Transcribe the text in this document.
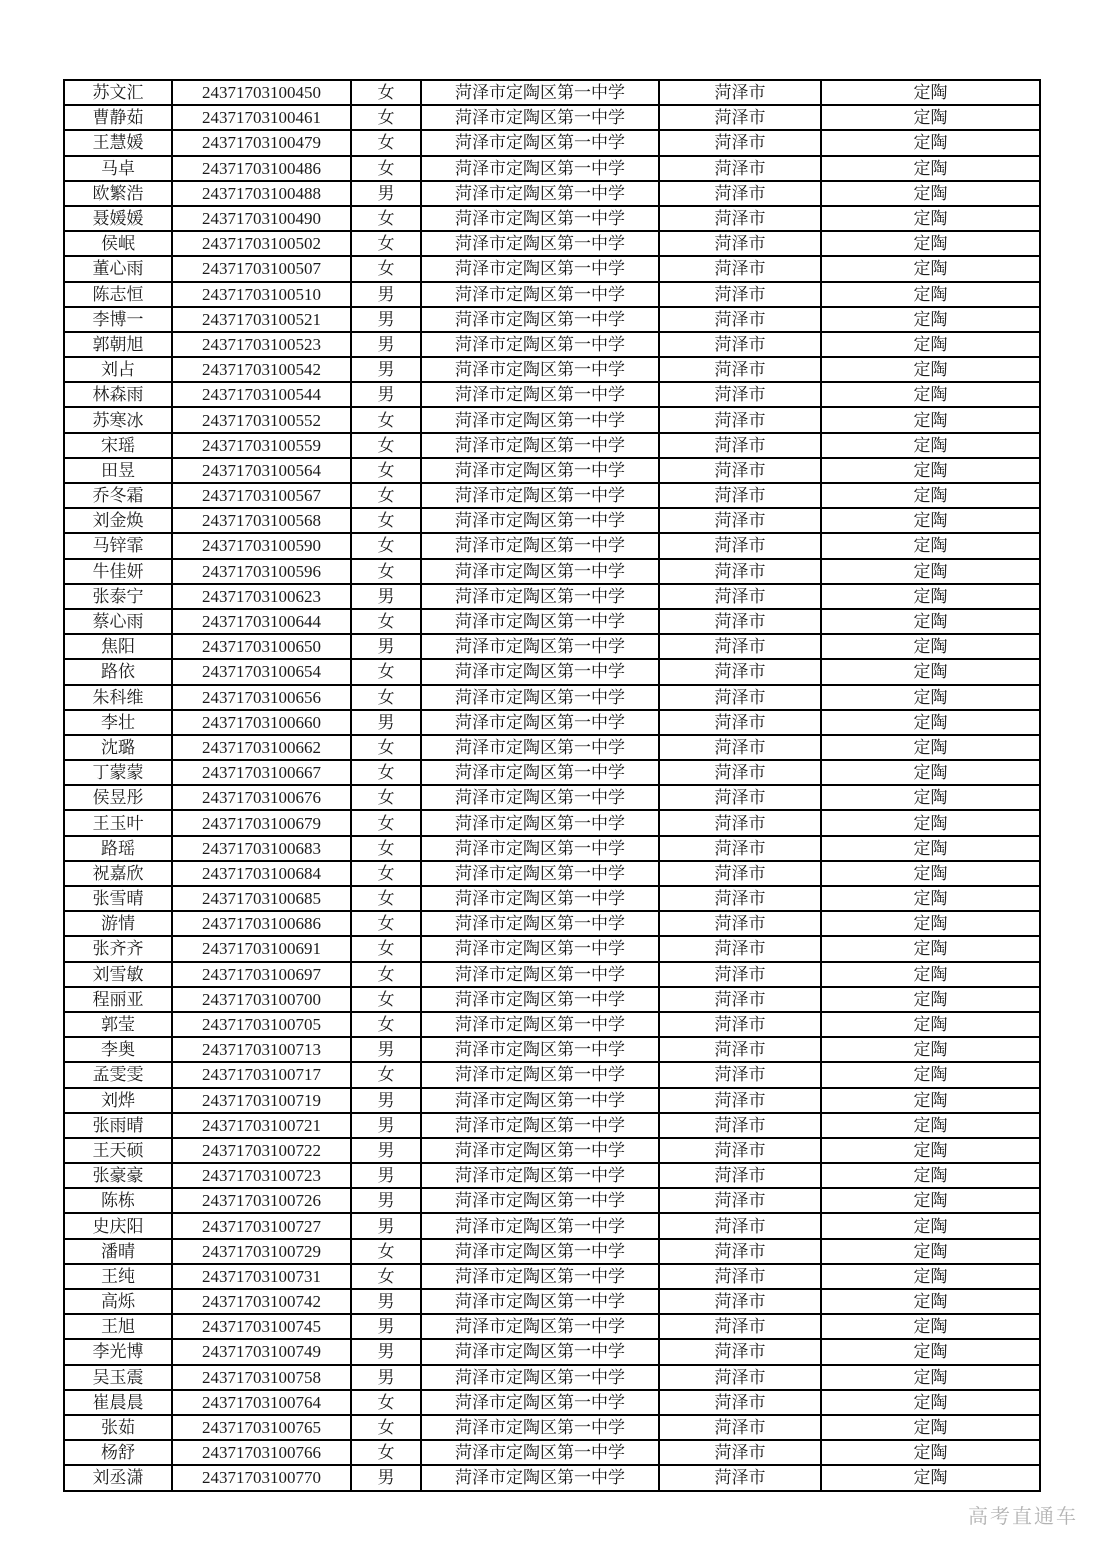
苏文汇	24371703100450	女	菏泽市定陶区第一中学	菏泽市	定陶
曹静茹	24371703100461	女	菏泽市定陶区第一中学	菏泽市	定陶
王慧媛	24371703100479	女	菏泽市定陶区第一中学	菏泽市	定陶
马卓	24371703100486	女	菏泽市定陶区第一中学	菏泽市	定陶
欧繁浩	24371703100488	男	菏泽市定陶区第一中学	菏泽市	定陶
聂媛媛	24371703100490	女	菏泽市定陶区第一中学	菏泽市	定陶
侯岷	24371703100502	女	菏泽市定陶区第一中学	菏泽市	定陶
董心雨	24371703100507	女	菏泽市定陶区第一中学	菏泽市	定陶
陈志恒	24371703100510	男	菏泽市定陶区第一中学	菏泽市	定陶
李博一	24371703100521	男	菏泽市定陶区第一中学	菏泽市	定陶
郭朝旭	24371703100523	男	菏泽市定陶区第一中学	菏泽市	定陶
刘占	24371703100542	男	菏泽市定陶区第一中学	菏泽市	定陶
林森雨	24371703100544	男	菏泽市定陶区第一中学	菏泽市	定陶
苏寒冰	24371703100552	女	菏泽市定陶区第一中学	菏泽市	定陶
宋瑶	24371703100559	女	菏泽市定陶区第一中学	菏泽市	定陶
田昱	24371703100564	女	菏泽市定陶区第一中学	菏泽市	定陶
乔冬霜	24371703100567	女	菏泽市定陶区第一中学	菏泽市	定陶
刘金焕	24371703100568	女	菏泽市定陶区第一中学	菏泽市	定陶
马锌霏	24371703100590	女	菏泽市定陶区第一中学	菏泽市	定陶
牛佳妍	24371703100596	女	菏泽市定陶区第一中学	菏泽市	定陶
张泰宁	24371703100623	男	菏泽市定陶区第一中学	菏泽市	定陶
蔡心雨	24371703100644	女	菏泽市定陶区第一中学	菏泽市	定陶
焦阳	24371703100650	男	菏泽市定陶区第一中学	菏泽市	定陶
路依	24371703100654	女	菏泽市定陶区第一中学	菏泽市	定陶
朱科维	24371703100656	女	菏泽市定陶区第一中学	菏泽市	定陶
李壮	24371703100660	男	菏泽市定陶区第一中学	菏泽市	定陶
沈璐	24371703100662	女	菏泽市定陶区第一中学	菏泽市	定陶
丁蒙蒙	24371703100667	女	菏泽市定陶区第一中学	菏泽市	定陶
侯昱彤	24371703100676	女	菏泽市定陶区第一中学	菏泽市	定陶
王玉叶	24371703100679	女	菏泽市定陶区第一中学	菏泽市	定陶
路瑶	24371703100683	女	菏泽市定陶区第一中学	菏泽市	定陶
祝嘉欣	24371703100684	女	菏泽市定陶区第一中学	菏泽市	定陶
张雪晴	24371703100685	女	菏泽市定陶区第一中学	菏泽市	定陶
游情	24371703100686	女	菏泽市定陶区第一中学	菏泽市	定陶
张齐齐	24371703100691	女	菏泽市定陶区第一中学	菏泽市	定陶
刘雪敏	24371703100697	女	菏泽市定陶区第一中学	菏泽市	定陶
程丽亚	24371703100700	女	菏泽市定陶区第一中学	菏泽市	定陶
郭莹	24371703100705	女	菏泽市定陶区第一中学	菏泽市	定陶
李奥	24371703100713	男	菏泽市定陶区第一中学	菏泽市	定陶
孟雯雯	24371703100717	女	菏泽市定陶区第一中学	菏泽市	定陶
刘烨	24371703100719	男	菏泽市定陶区第一中学	菏泽市	定陶
张雨晴	24371703100721	男	菏泽市定陶区第一中学	菏泽市	定陶
王天硕	24371703100722	男	菏泽市定陶区第一中学	菏泽市	定陶
张豪豪	24371703100723	男	菏泽市定陶区第一中学	菏泽市	定陶
陈栋	24371703100726	男	菏泽市定陶区第一中学	菏泽市	定陶
史庆阳	24371703100727	男	菏泽市定陶区第一中学	菏泽市	定陶
潘晴	24371703100729	女	菏泽市定陶区第一中学	菏泽市	定陶
王纯	24371703100731	女	菏泽市定陶区第一中学	菏泽市	定陶
高烁	24371703100742	男	菏泽市定陶区第一中学	菏泽市	定陶
王旭	24371703100745	男	菏泽市定陶区第一中学	菏泽市	定陶
李光博	24371703100749	男	菏泽市定陶区第一中学	菏泽市	定陶
吴玉震	24371703100758	男	菏泽市定陶区第一中学	菏泽市	定陶
崔晨晨	24371703100764	女	菏泽市定陶区第一中学	菏泽市	定陶
张茹	24371703100765	女	菏泽市定陶区第一中学	菏泽市	定陶
杨舒	24371703100766	女	菏泽市定陶区第一中学	菏泽市	定陶
刘丞潇	24371703100770	男	菏泽市定陶区第一中学	菏泽市	定陶
高考直通车
